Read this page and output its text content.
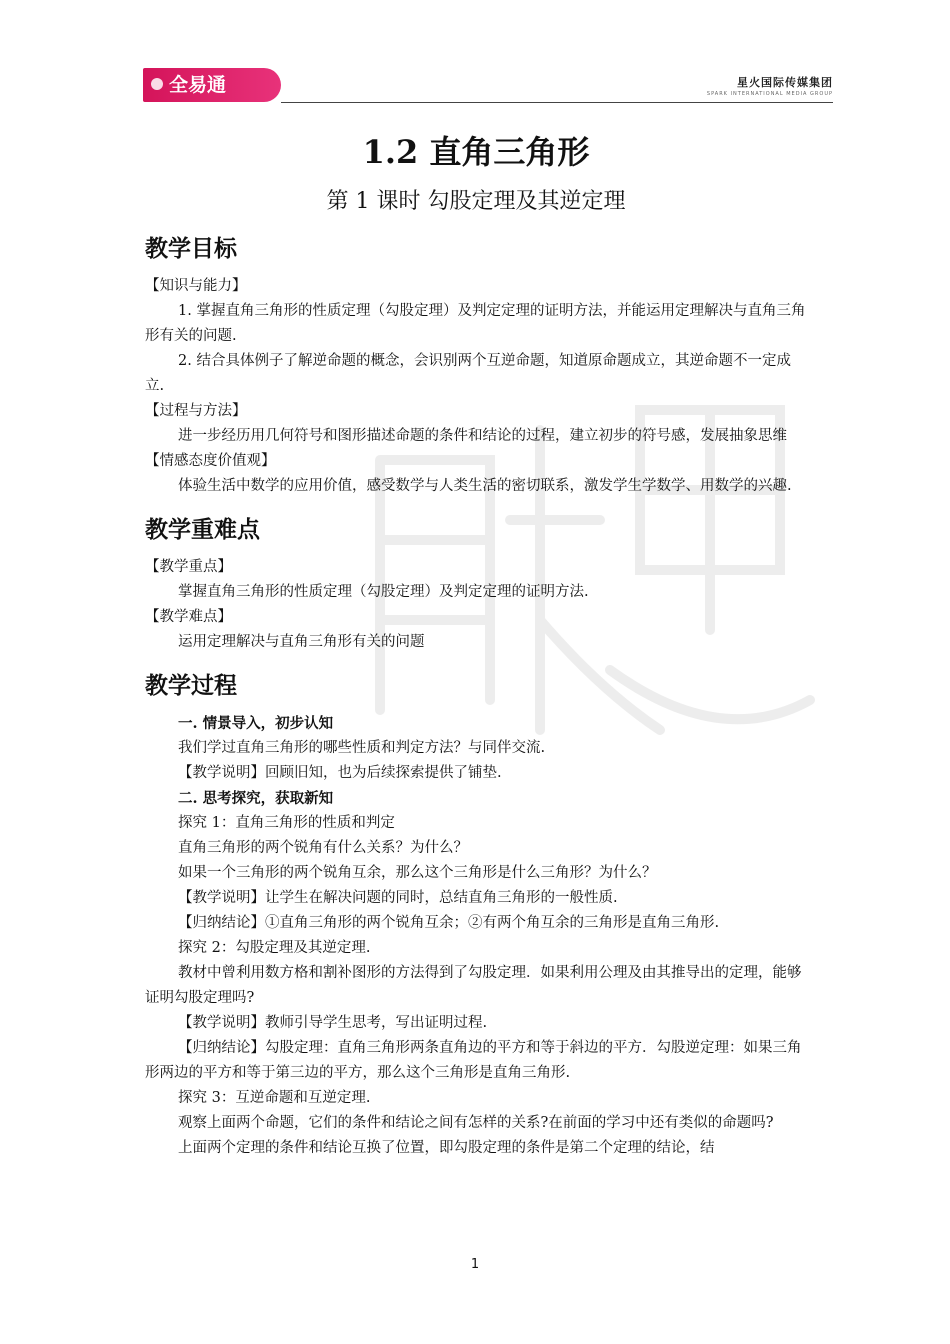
全易通	✦	星火国际传媒集团
SPARK INTERNATIONAL MEDIA GROUP
1.2 直角三角形
第 1 课时 勾股定理及其逆定理
教学目标

【知识与能力】

1. 掌握直角三角形的性质定理（勾股定理）及判定定理的证明方法，并能运用定理解决与直角三角形有关的问题.

2. 结合具体例子了解逆命题的概念，会识别两个互逆命题，知道原命题成立，其逆命题不一定成立.

【过程与方法】

进一步经历用几何符号和图形描述命题的条件和结论的过程，建立初步的符号感，发展抽象思维

【情感态度价值观】

体验生活中数学的应用价值，感受数学与人类生活的密切联系，激发学生学数学、用数学的兴趣.

教学重难点

【教学重点】

掌握直角三角形的性质定理（勾股定理）及判定定理的证明方法.

【教学难点】

运用定理解决与直角三角形有关的问题

教学过程

一. 情景导入，初步认知

我们学过直角三角形的哪些性质和判定方法？与同伴交流.

【教学说明】回顾旧知，也为后续探索提供了铺垫.

二. 思考探究，获取新知

探究 1：直角三角形的性质和判定

直角三角形的两个锐角有什么关系？为什么？

如果一个三角形的两个锐角互余，那么这个三角形是什么三角形？为什么？

【教学说明】让学生在解决问题的同时，总结直角三角形的一般性质.

【归纳结论】①直角三角形的两个锐角互余；②有两个角互余的三角形是直角三角形.

探究 2：勾股定理及其逆定理.

教材中曾利用数方格和割补图形的方法得到了勾股定理．如果利用公理及由其推导出的定理，能够证明勾股定理吗?

【教学说明】教师引导学生思考，写出证明过程.

【归纳结论】勾股定理：直角三角形两条直角边的平方和等于斜边的平方．勾股逆定理：如果三角形两边的平方和等于第三边的平方，那么这个三角形是直角三角形.

探究 3：互逆命题和互逆定理.

观察上面两个命题，它们的条件和结论之间有怎样的关系?在前面的学习中还有类似的命题吗?

上面两个定理的条件和结论互换了位置，即勾股定理的条件是第二个定理的结论，结

1
